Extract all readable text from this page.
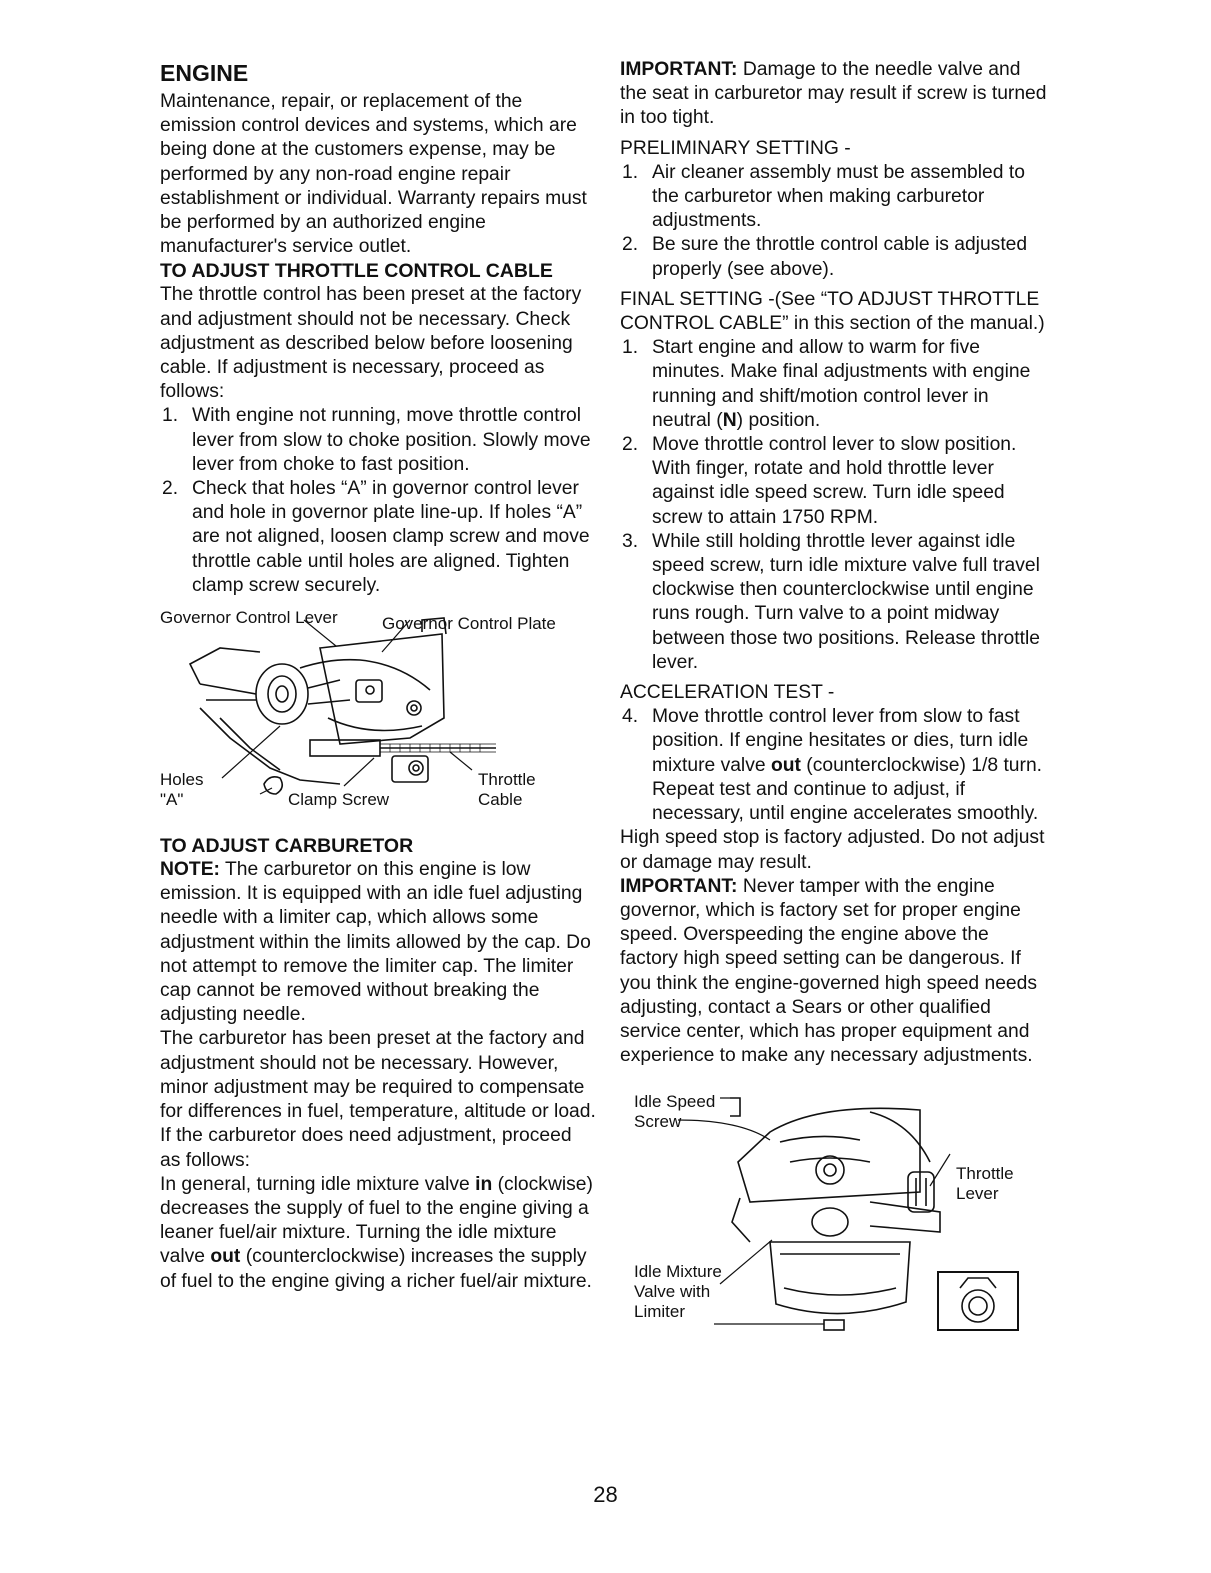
ENGINE

Maintenance, repair, or replacement of the emission control devices and systems, which are being done at the customers expense, may be performed by any non-road engine repair establishment or individual. Warranty repairs must be performed by an authorized engine manufacturer's service outlet.

TO ADJUST THROTTLE CONTROL CABLE

The throttle control has been preset at the factory and adjustment should not be necessary. Check adjustment as described below before loosening cable. If adjustment is necessary, proceed as follows:

1. With engine not running, move throttle control lever from slow to choke position. Slowly move lever from choke to fast position.
2. Check that holes “A” in governor control lever and hole in governor plate line-up. If holes “A” are not aligned, loosen clamp screw and move throttle cable until holes are aligned. Tighten clamp screw securely.
Governor Control Lever	Governor Control Plate
Holes
"A"	Clamp Screw
Throttle
Cable

TO ADJUST CARBURETOR

NOTE: The carburetor on this engine is low emission. It is equipped with an idle fuel adjusting needle with a limiter cap, which allows some adjustment within the limits allowed by the cap. Do not attempt to remove the limiter cap. The limiter cap cannot be removed without breaking the adjusting needle.

The carburetor has been preset at the factory and adjustment should not be necessary. However, minor adjustment may be required to compensate for differences in fuel, temperature, altitude or load. If the carburetor does need adjustment, proceed as follows:

In general, turning idle mixture valve in (clockwise) decreases the supply of fuel to the engine giving a leaner fuel/air mixture. Turning the idle mixture valve out (counterclockwise) increases the supply of fuel to the engine giving a richer fuel/air mixture.

IMPORTANT: Damage to the needle valve and the seat in carburetor may result if screw is turned in too tight.

PRELIMINARY SETTING -

1. Air cleaner assembly must be assembled to the carburetor when making carburetor adjustments.
2. Be sure the throttle control cable is adjusted properly (see above).

FINAL SETTING -(See “TO ADJUST THROTTLE CONTROL CABLE” in this section of the manual.)

1. Start engine and allow to warm for five minutes. Make final adjustments with engine running and shift/motion control lever in neutral (N) position.
2. Move throttle control lever to slow position. With finger, rotate and hold throttle lever against idle speed screw. Turn idle speed screw to attain 1750 RPM.
3. While still holding throttle lever against idle speed screw, turn idle mixture valve full travel clockwise then counterclockwise until engine runs rough. Turn valve to a point midway between those two positions. Release throttle lever.

ACCELERATION TEST -

4. Move throttle control lever from slow to fast position. If engine hesitates or dies, turn idle mixture valve out (counterclockwise) 1/8 turn. Repeat test and continue to adjust, if necessary, until engine accelerates smoothly.

High speed stop is factory adjusted. Do not adjust or damage may result.

IMPORTANT: Never tamper with the engine governor, which is factory set for proper engine speed. Overspeeding the engine above the factory high speed setting can be dangerous. If you think the engine-governed high speed needs adjusting, contact a Sears or other qualified service center, which has proper equipment and experience to make any necessary adjustments.

Idle Speed
Screw
Throttle
Lever
Idle Mixture
Valve with
Limiter
28
